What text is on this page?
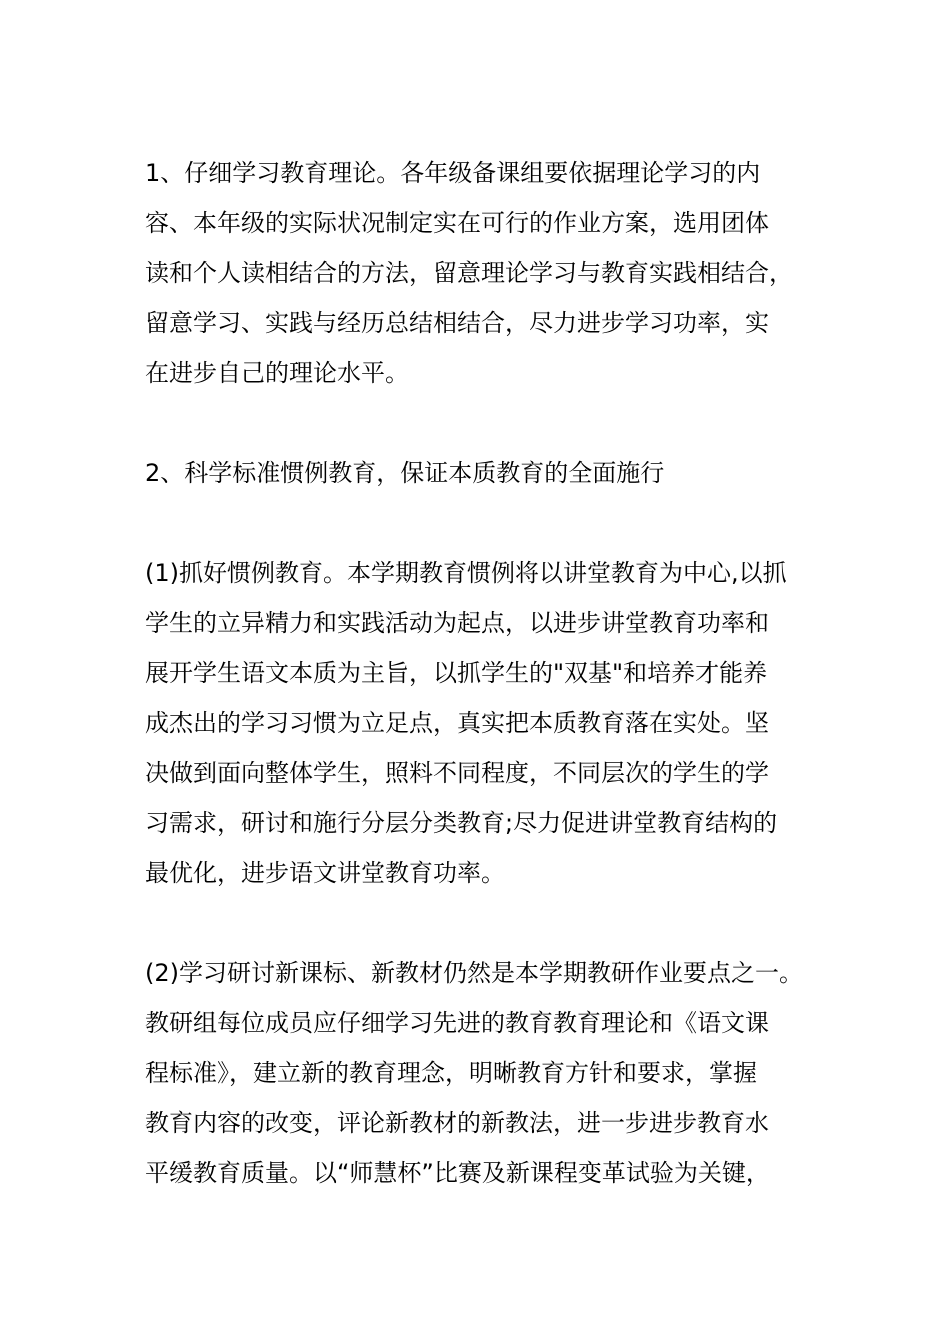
1、仔细学习教育理论。各年级备课组要依据理论学习的内
容、本年级的实际状况制定实在可行的作业方案，选用团体
读和个人读相结合的方法，留意理论学习与教育实践相结合，
留意学习、实践与经历总结相结合，尽力进步学习功率，实
在进步自己的理论水平。
2、科学标准惯例教育，保证本质教育的全面施行
(1)抓好惯例教育。本学期教育惯例将以讲堂教育为中心,以抓
学生的立异精力和实践活动为起点，以进步讲堂教育功率和
展开学生语文本质为主旨，以抓学生的"双基"和培养才能养
成杰出的学习习惯为立足点，真实把本质教育落在实处。坚
决做到面向整体学生，照料不同程度，不同层次的学生的学
习需求，研讨和施行分层分类教育;尽力促进讲堂教育结构的
最优化，进步语文讲堂教育功率。
(2)学习研讨新课标、新教材仍然是本学期教研作业要点之一。
教研组每位成员应仔细学习先进的教育教育理论和《语文课
程标准》，建立新的教育理念，明晰教育方针和要求，掌握
教育内容的改变，评论新教材的新教法，进一步进步教育水
平缓教育质量。以“师慧杯”比赛及新课程变革试验为关键，
